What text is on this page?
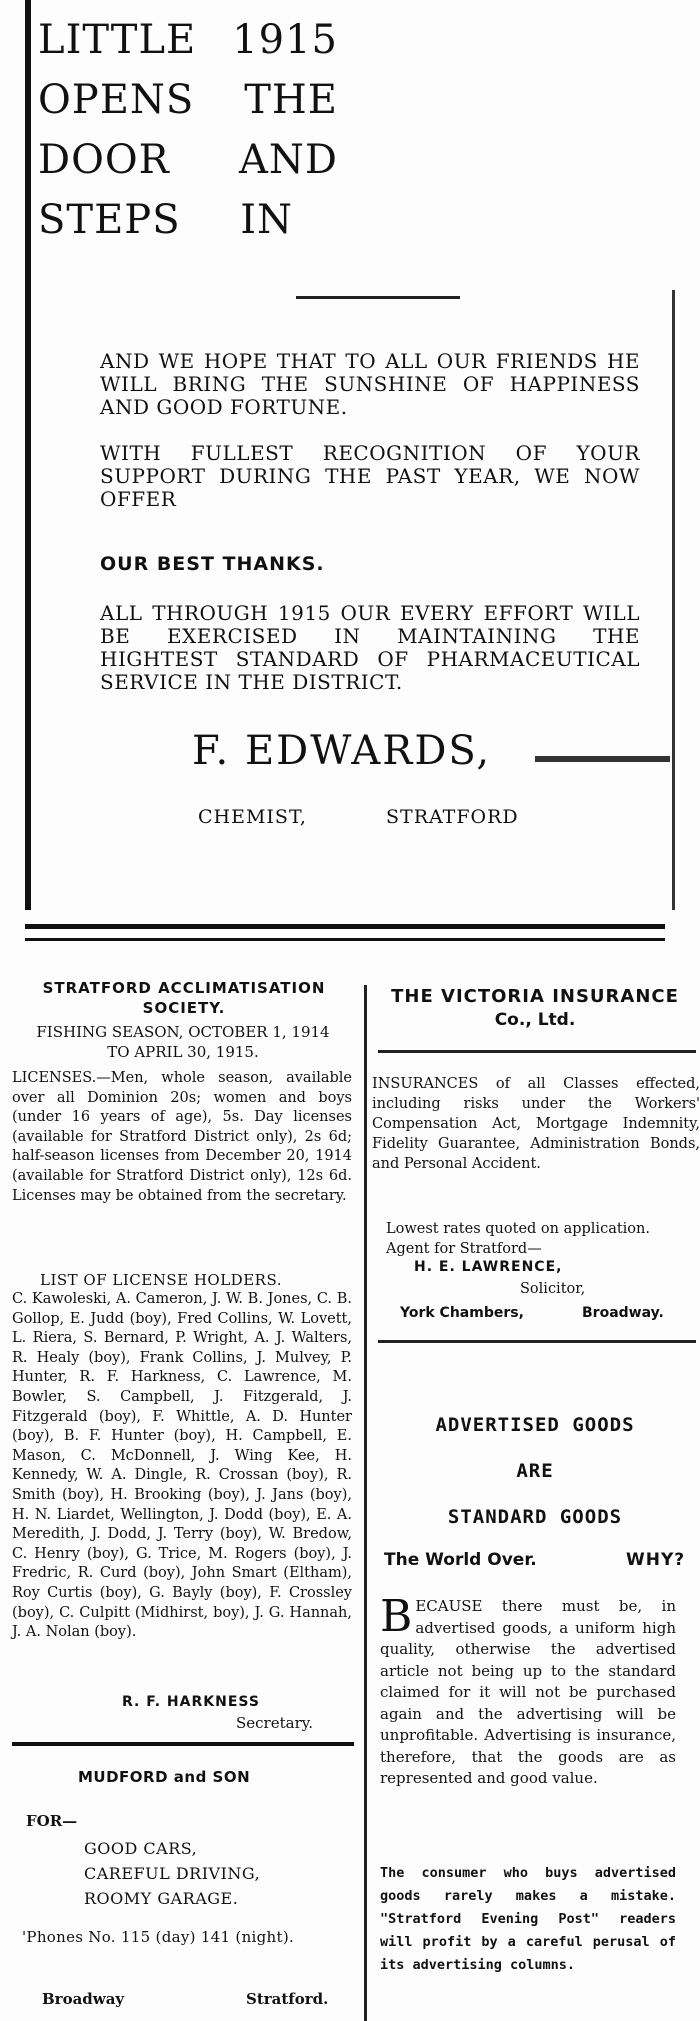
LITTLE 1915
OPENS THE
DOOR AND
STEPS IN
AND WE HOPE THAT TO ALL OUR FRIENDS HE WILL BRING THE SUNSHINE OF HAPPINESS AND GOOD FORTUNE.
WITH FULLEST RECOGNITION OF YOUR SUPPORT DURING THE PAST YEAR, WE NOW OFFER
OUR BEST THANKS.
ALL THROUGH 1915 OUR EVERY EFFORT WILL BE EXERCISED IN MAINTAINING THE HIGHTEST STANDARD OF PHARMACEUTICAL SERVICE IN THE DISTRICT.
F. EDWARDS,
CHEMIST,	STRATFORD
STRATFORD ACCLIMATISATION
SOCIETY.
FISHING SEASON, OCTOBER 1, 1914
TO APRIL 30, 1915.
LICENSES.—Men, whole season, available over all Dominion 20s; women and boys (under 16 years of age), 5s. Day licenses (available for Stratford District only), 2s 6d; half-season licenses from December 20, 1914 (available for Stratford District only), 12s 6d. Licenses may be obtained from the secretary.
LIST OF LICENSE HOLDERS.
C. Kawoleski, A. Cameron, J. W. B. Jones, C. B. Gollop, E. Judd (boy), Fred Collins, W. Lovett, L. Riera, S. Bernard, P. Wright, A. J. Walters, R. Healy (boy), Frank Collins, J. Mulvey, P. Hunter, R. F. Harkness, C. Lawrence, M. Bowler, S. Campbell, J. Fitzgerald, J. Fitzgerald (boy), F. Whittle, A. D. Hunter (boy), B. F. Hunter (boy), H. Campbell, E. Mason, C. McDonnell, J. Wing Kee, H. Kennedy, W. A. Dingle, R. Crossan (boy), R. Smith (boy), H. Brooking (boy), J. Jans (boy), H. N. Liardet, Wellington, J. Dodd (boy), E. A. Meredith, J. Dodd, J. Terry (boy), W. Bredow, C. Henry (boy), G. Trice, M. Rogers (boy), J. Fredric, R. Curd (boy), John Smart (Eltham), Roy Curtis (boy), G. Bayly (boy), F. Crossley (boy), C. Culpitt (Midhirst, boy), J. G. Hannah, J. A. Nolan (boy).
R. F. HARKNESS
Secretary.
MUDFORD and SON
FOR—
GOOD CARS,
CAREFUL DRIVING,
ROOMY GARAGE.
'Phones No. 115 (day) 141 (night).
Broadway	Stratford.
THE VICTORIA INSURANCE
Co., Ltd.
INSURANCES of all Classes effected, including risks under the Workers' Compensation Act, Mortgage Indemnity, Fidelity Guarantee, Administration Bonds, and Personal Accident.
Lowest rates quoted on application.
Agent for Stratford—
H. E. LAWRENCE,
Solicitor,
York Chambers,	Broadway.
ADVERTISED GOODS
ARE
STANDARD GOODS
The World Over.	WHY?
BECAUSE there must be, in advertised goods, a uniform high quality, otherwise the advertised article not being up to the standard claimed for it will not be purchased again and the advertising will be unprofitable. Advertising is insurance, therefore, that the goods are as represented and good value.
The consumer who buys advertised goods rarely makes a mistake. "Stratford Evening Post" readers will profit by a careful perusal of its advertising columns.
